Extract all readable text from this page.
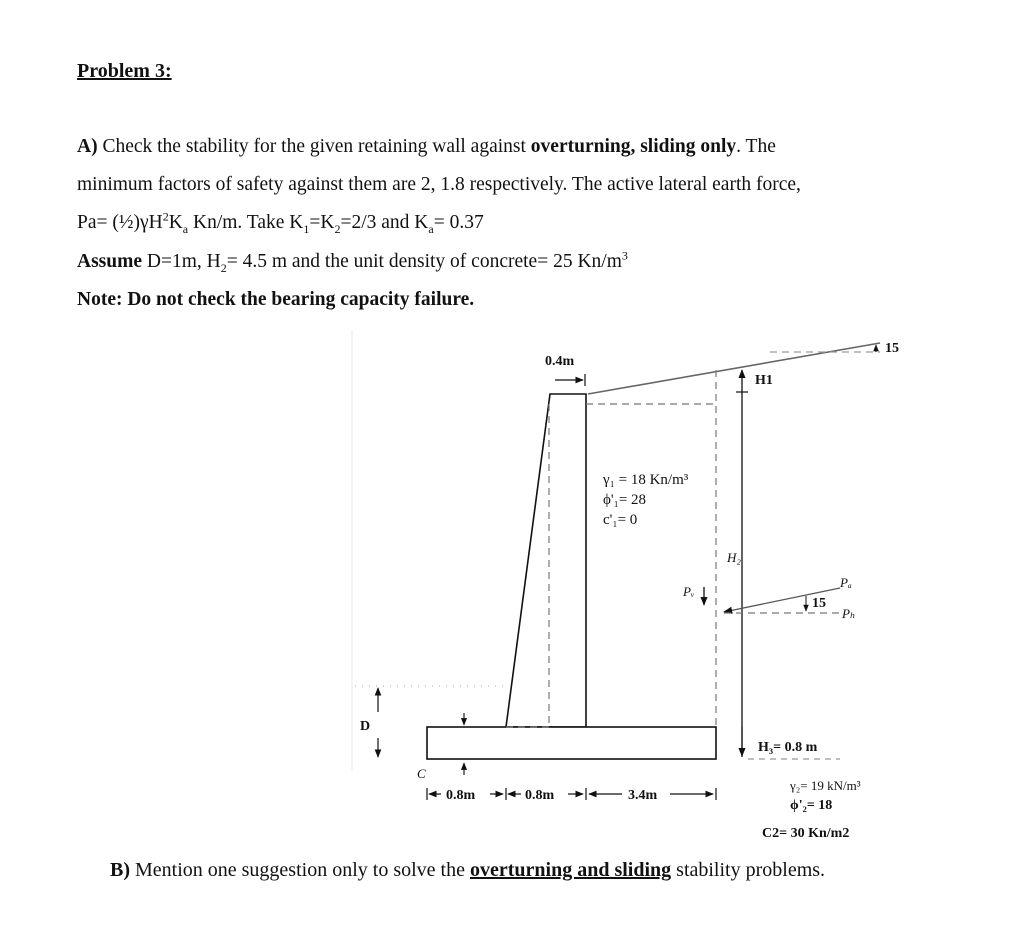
Problem 3:
A) Check the stability for the given retaining wall against overturning, sliding only. The
minimum factors of safety against them are 2, 1.8 respectively. The active lateral earth force,
$Pa= (\frac{1}{2})\gamma H^2K_a$ Kn/m. Take $K_1=K_2=2/3$ and $K_a= 0.37$
Assume D=1m, $H_2= 4.5$ m and the unit density of concrete= 25 $Kn/m^3$
Note: Do not check the bearing capacity failure.
15
0.4m
γ₁ = 18 Kn/m³
ϕ'₁= 28
c'₁= 0
Pᵥ
H1
H₂
Pₐ
Pₕ
15
H₃= 0.8 m
D
C
0.8m	0.8m	3.4m
γ₂= 19 kN/m³
ϕ'₂= 18
C2= 30 Kn/m2
B) Mention one suggestion only to solve the overturning and sliding stability problems.
